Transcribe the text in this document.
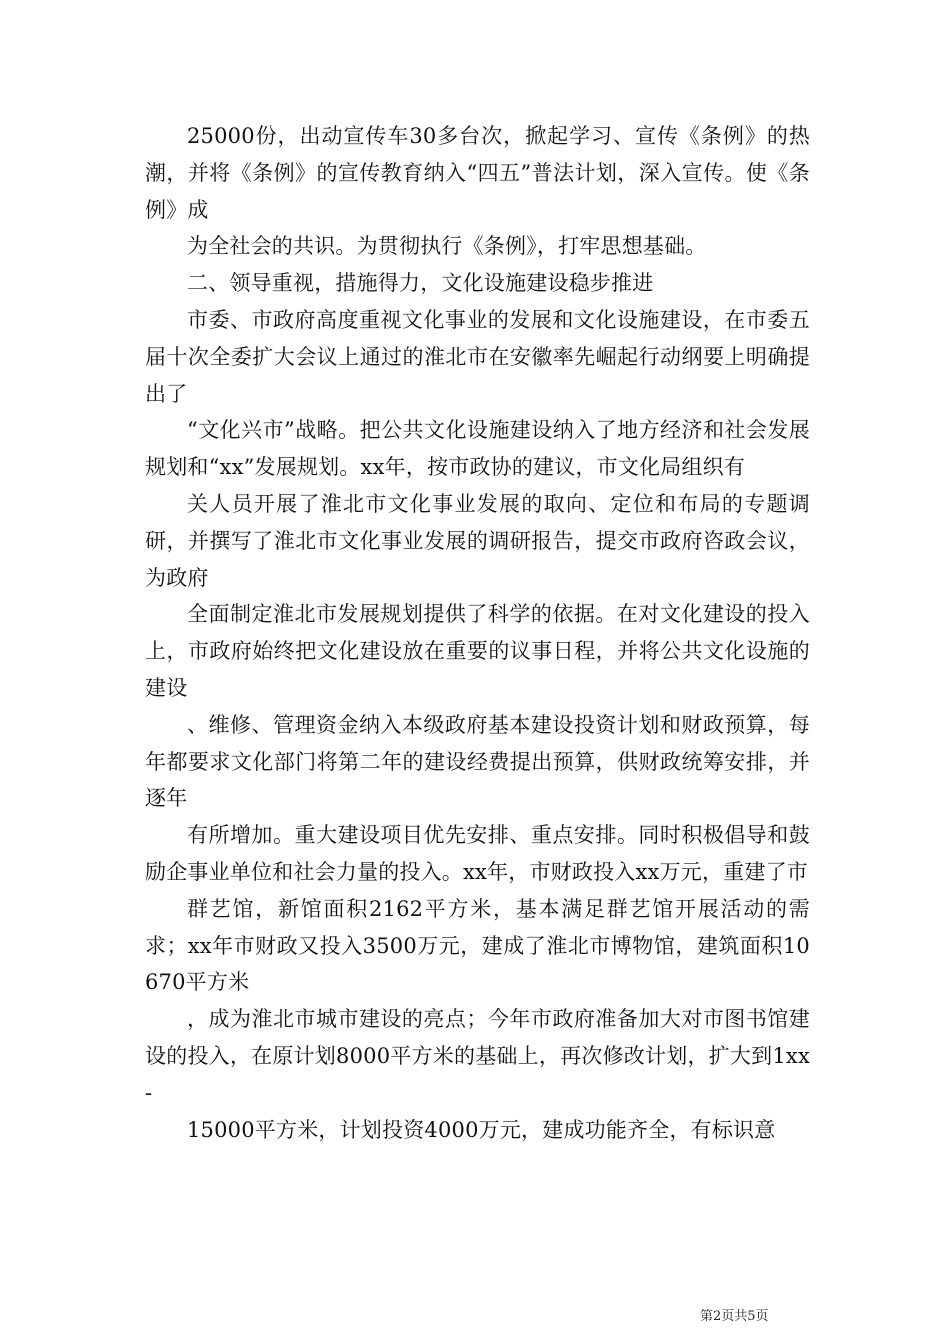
25000份，出动宣传车30多台次，掀起学习、宣传《条例》的热潮，并将《条例》的宣传教育纳入“四五”普法计划，深入宣传。使《条例》成

为全社会的共识。为贯彻执行《条例》，打牢思想基础。

二、领导重视，措施得力，文化设施建设稳步推进

市委、市政府高度重视文化事业的发展和文化设施建设，在市委五届十次全委扩大会议上通过的淮北市在安徽率先崛起行动纲要上明确提出了

“文化兴市”战略。把公共文化设施建设纳入了地方经济和社会发展规划和“xx”发展规划。xx年，按市政协的建议，市文化局组织有

关人员开展了淮北市文化事业发展的取向、定位和布局的专题调研，并撰写了淮北市文化事业发展的调研报告，提交市政府咨政会议，为政府

全面制定淮北市发展规划提供了科学的依据。在对文化建设的投入上，市政府始终把文化建设放在重要的议事日程，并将公共文化设施的建设

、维修、管理资金纳入本级政府基本建设投资计划和财政预算，每年都要求文化部门将第二年的建设经费提出预算，供财政统筹安排，并逐年

有所增加。重大建设项目优先安排、重点安排。同时积极倡导和鼓励企事业单位和社会力量的投入。xx年，市财政投入xx万元，重建了市

群艺馆，新馆面积2162平方米，基本满足群艺馆开展活动的需求；xx年市财政又投入3500万元，建成了淮北市博物馆，建筑面积10670平方米

，成为淮北市城市建设的亮点；今年市政府准备加大对市图书馆建设的投入，在原计划8000平方米的基础上，再次修改计划，扩大到1xx-

15000平方米，计划投资4000万元，建成功能齐全，有标识意

第2页共5页
